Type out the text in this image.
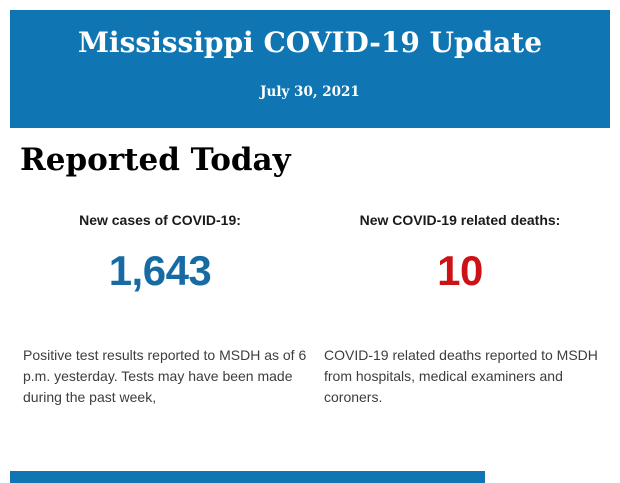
Mississippi COVID-19 Update
July 30, 2021
Reported Today
New cases of COVID-19:
1,643
New COVID-19 related deaths:
10
Positive test results reported to MSDH as of 6 p.m. yesterday. Tests may have been made during the past week,
COVID-19 related deaths reported to MSDH from hospitals, medical examiners and coroners.
